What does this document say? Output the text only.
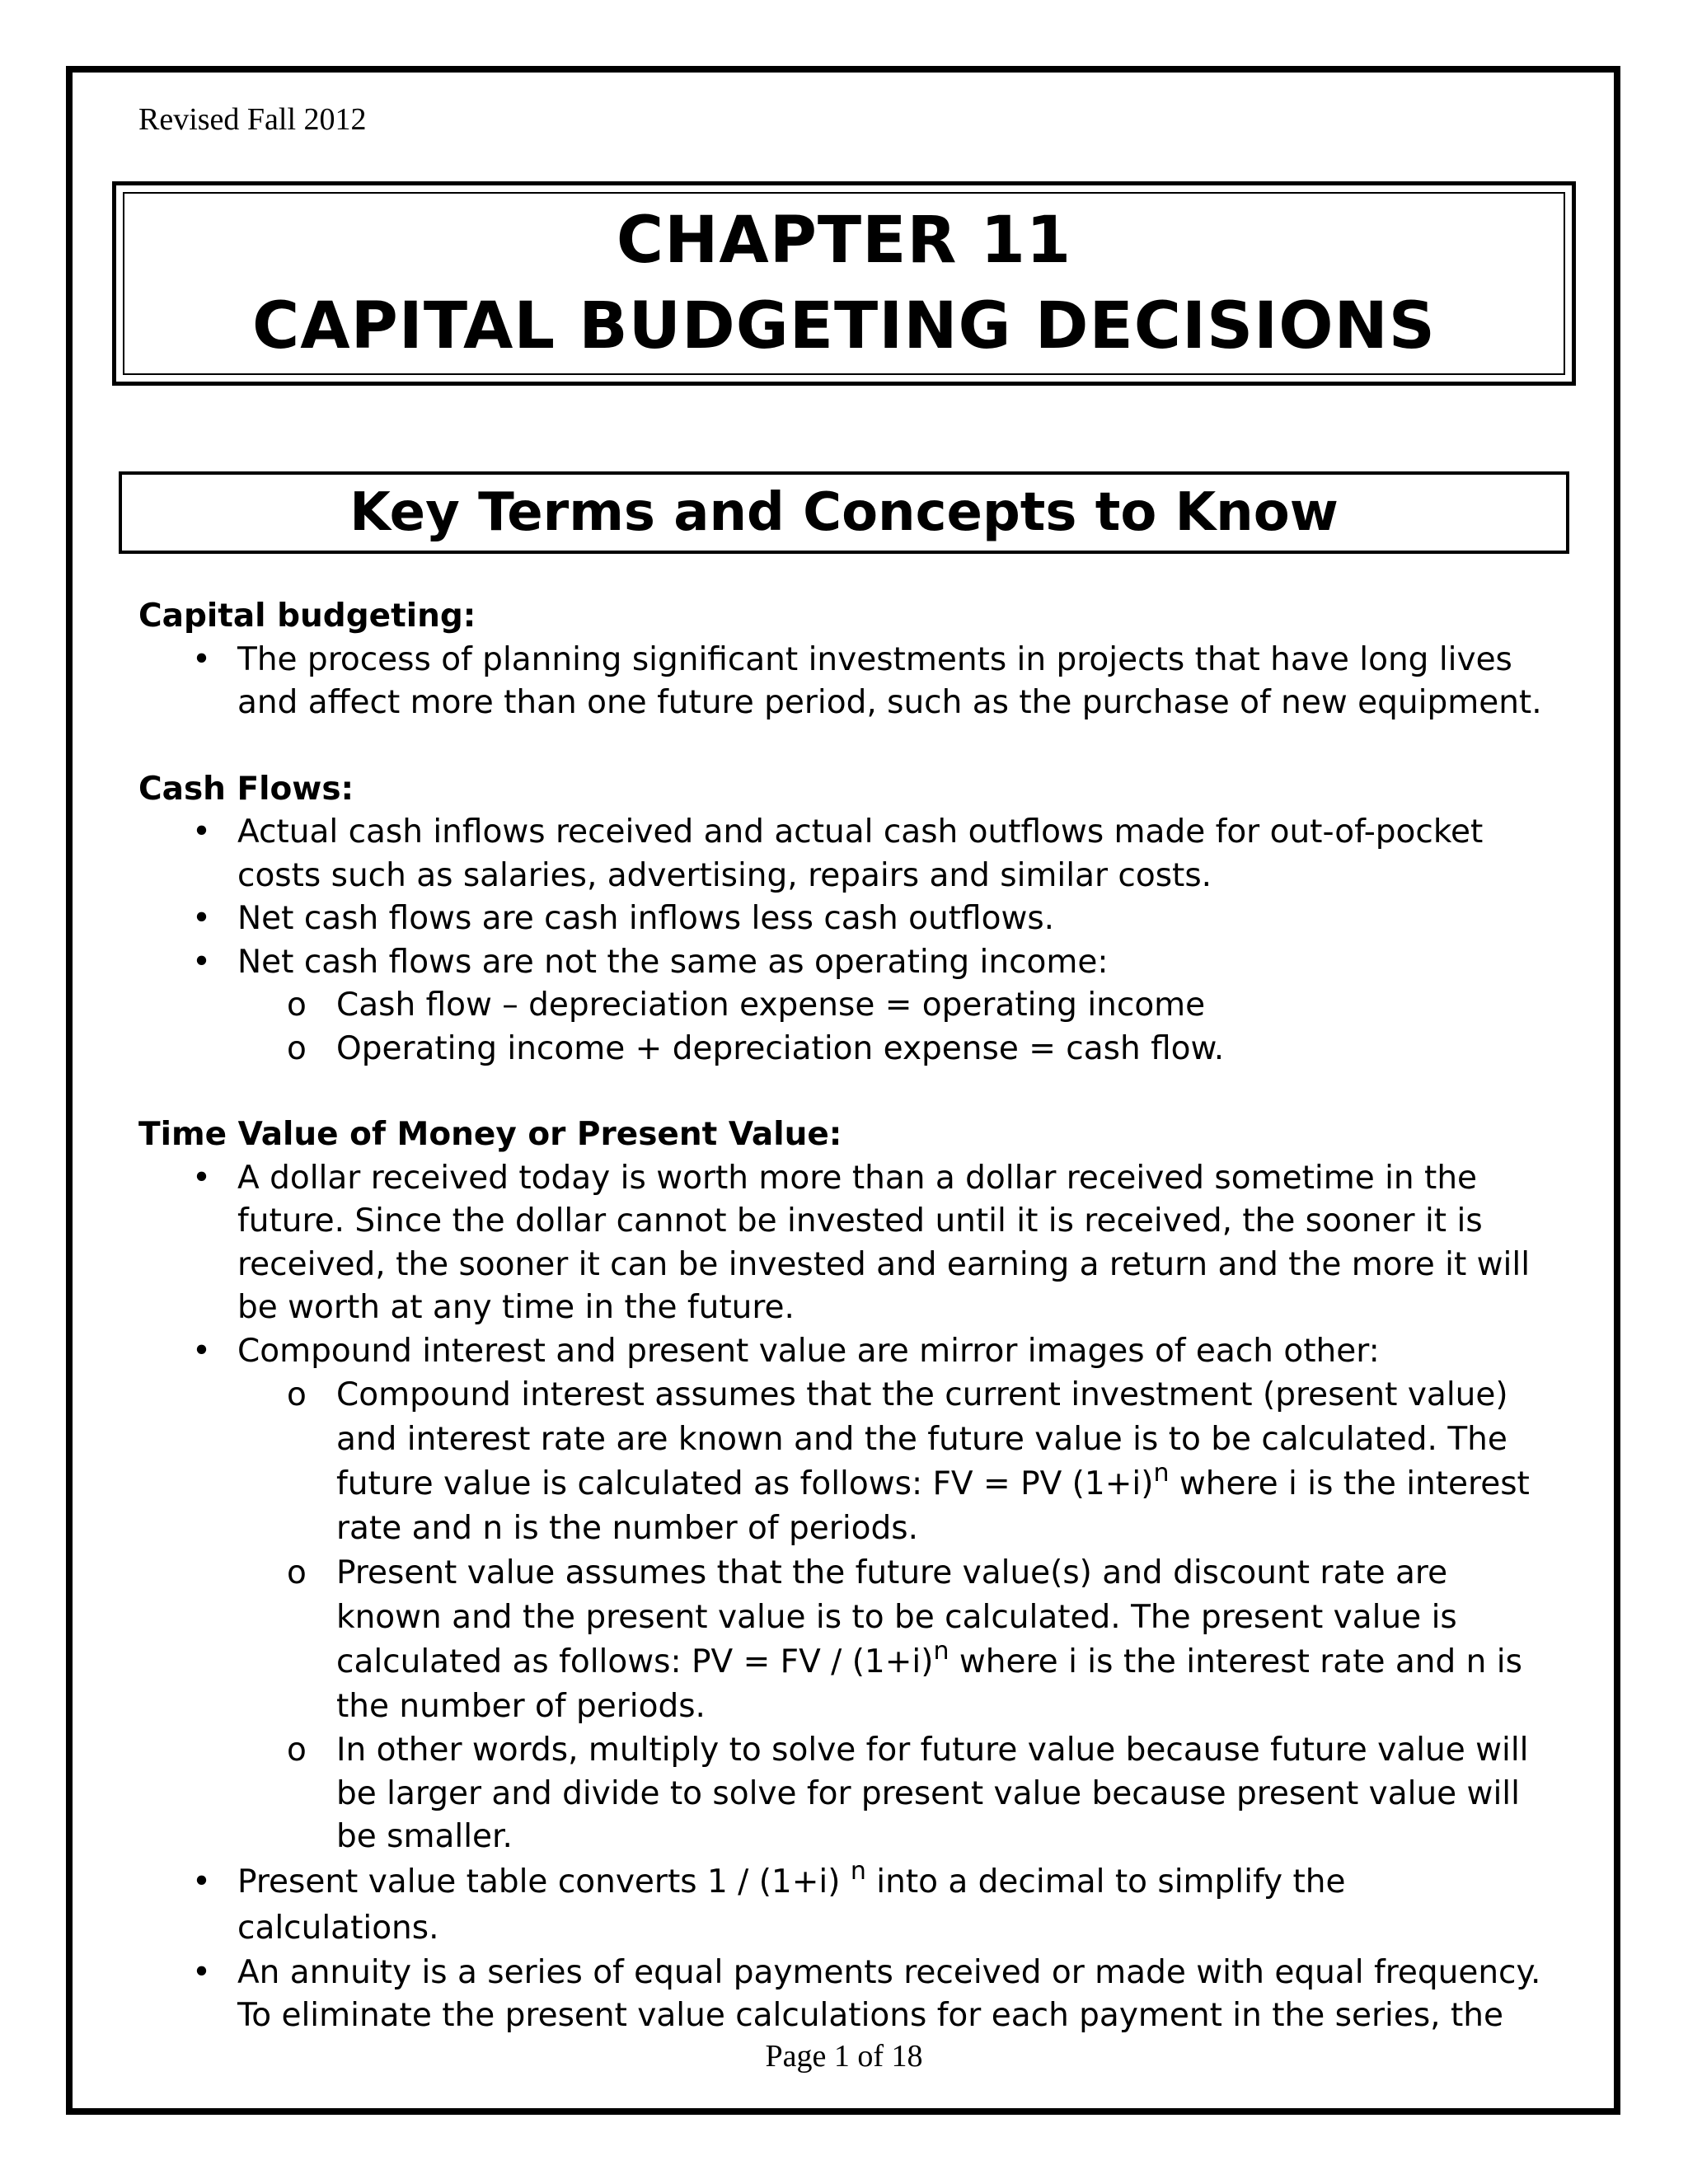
Revised Fall 2012
CHAPTER 11
CAPITAL BUDGETING DECISIONS
Key Terms and Concepts to Know
Capital budgeting:
• The process of planning significant investments in projects that have long lives and affect more than one future period, such as the purchase of new equipment.
Cash Flows:
• Actual cash inflows received and actual cash outflows made for out-of-pocket costs such as salaries, advertising, repairs and similar costs.
• Net cash flows are cash inflows less cash outflows.
• Net cash flows are not the same as operating income:
o Cash flow – depreciation expense = operating income
o Operating income + depreciation expense = cash flow.
Time Value of Money or Present Value:
• A dollar received today is worth more than a dollar received sometime in the future. Since the dollar cannot be invested until it is received, the sooner it is received, the sooner it can be invested and earning a return and the more it will be worth at any time in the future.
• Compound interest and present value are mirror images of each other:
o Compound interest assumes that the current investment (present value) and interest rate are known and the future value is to be calculated. The future value is calculated as follows: FV = PV $(1+i)^n$ where i is the interest rate and n is the number of periods.
o Present value assumes that the future value(s) and discount rate are known and the present value is to be calculated. The present value is calculated as follows: PV = FV / $(1+i)^n$ where i is the interest rate and n is the number of periods.
o In other words, multiply to solve for future value because future value will be larger and divide to solve for present value because present value will be smaller.
• Present value table converts 1 / (1+i) $^n$ into a decimal to simplify the calculations.
• An annuity is a series of equal payments received or made with equal frequency. To eliminate the present value calculations for each payment in the series, the
Page 1 of 18
